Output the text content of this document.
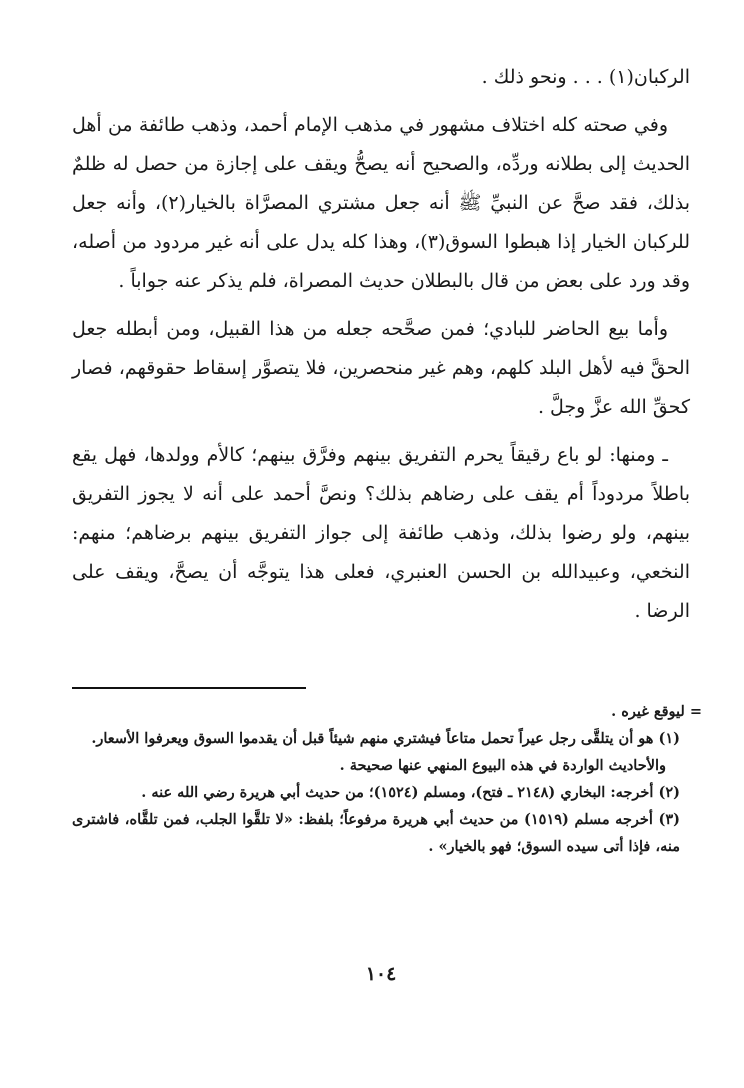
الركبان(١) . . . ونحو ذلك .

وفي صحته كله اختلاف مشهور في مذهب الإمام أحمد، وذهب طائفة من أهل الحديث إلى بطلانه وردِّه، والصحيح أنه يصحُّ ويقف على إجازة من حصل له ظلمٌ بذلك، فقد صحَّ عن النبيِّ ﷺ أنه جعل مشتري المصرَّاة بالخيار(٢)، وأنه جعل للركبان الخيار إذا هبطوا السوق(٣)، وهذا كله يدل على أنه غير مردود من أصله، وقد ورد على بعض من قال بالبطلان حديث المصراة، فلم يذكر عنه جواباً .

وأما بيع الحاضر للبادي؛ فمن صحَّحه جعله من هذا القبيل، ومن أبطله جعل الحقَّ فيه لأهل البلد كلهم، وهم غير منحصرين، فلا يتصوَّر إسقاط حقوقهم، فصار كحقِّ الله عزَّ وجلَّ .

ـ ومنها: لو باع رقيقاً يحرم التفريق بينهم وفرَّق بينهم؛ كالأم وولدها، فهل يقع باطلاً مردوداً أم يقف على رضاهم بذلك؟ ونصَّ أحمد على أنه لا يجوز التفريق بينهم، ولو رضوا بذلك، وذهب طائفة إلى جواز التفريق بينهم برضاهم؛ منهم: النخعي، وعبيدالله بن الحسن العنبري، فعلى هذا يتوجَّه أن يصحَّ، ويقف على الرضا .

= ليوقع غيره .

(١) هو أن يتلقَّى رجل عيراً تحمل متاعاً فيشتري منهم شيئاً قبل أن يقدموا السوق ويعرفوا الأسعار.

والأحاديث الواردة في هذه البيوع المنهي عنها صحيحة .

(٢) أخرجه: البخاري (٢١٤٨ ـ فتح)، ومسلم (١٥٢٤)؛ من حديث أبي هريرة رضي الله عنه .

(٣) أخرجه مسلم (١٥١٩) من حديث أبي هريرة مرفوعاً؛ بلفظ: «لا تلقَّوا الجلب، فمن تلقَّاه، فاشترى منه، فإذا أتى سيده السوق؛ فهو بالخيار» .

١٠٤
